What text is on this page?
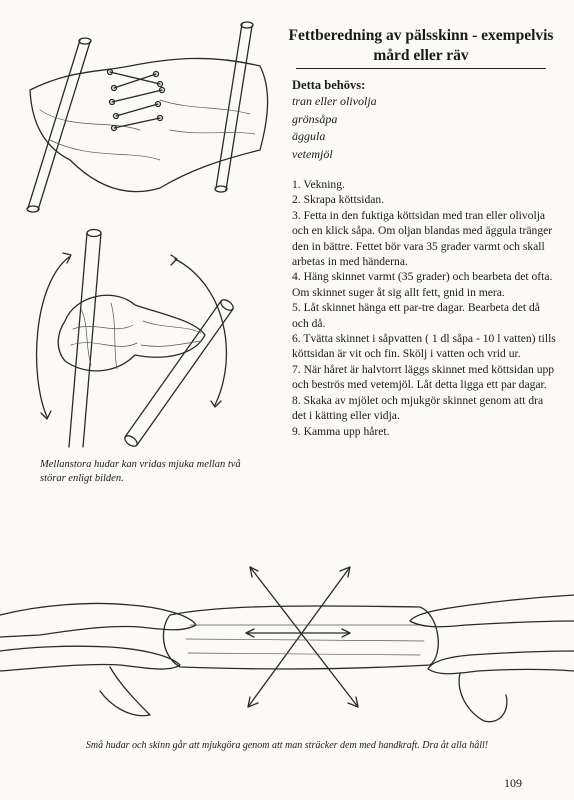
Fettberedning av pälsskinn - exempelvis mård eller räv
Detta behövs:
tran eller olivolja
grönsåpa
äggula
vetemjöl
1. Vekning.
2. Skrapa köttsidan.
3. Fetta in den fuktiga köttsidan med tran eller olivolja och en klick såpa. Om oljan blandas med äggula tränger den in bättre. Fettet bör vara 35 grader varmt och skall arbetas in med händerna.
4. Häng skinnet varmt (35 grader) och bearbeta det ofta. Om skinnet suger åt sig allt fett, gnid in mera.
5. Låt skinnet hänga ett par-tre dagar. Bearbeta det då och då.
6. Tvätta skinnet i såpvatten ( 1 dl såpa - 10 l vatten) tills köttsidan är vit och fin. Skölj i vatten och vrid ur.
7. När håret är halvtorrt läggs skinnet med köttsidan upp och beströs med vetemjöl. Låt detta ligga ett par dagar.
8. Skaka av mjölet och mjukgör skinnet genom att dra det i kätting eller vidja.
9. Kamma upp håret.
Mellanstora hudar kan vridas mjuka mellan två störar enligt bilden.
Små hudar och skinn går att mjukgöra genom att man sträcker dem med handkraft. Dra åt alla håll!
109
